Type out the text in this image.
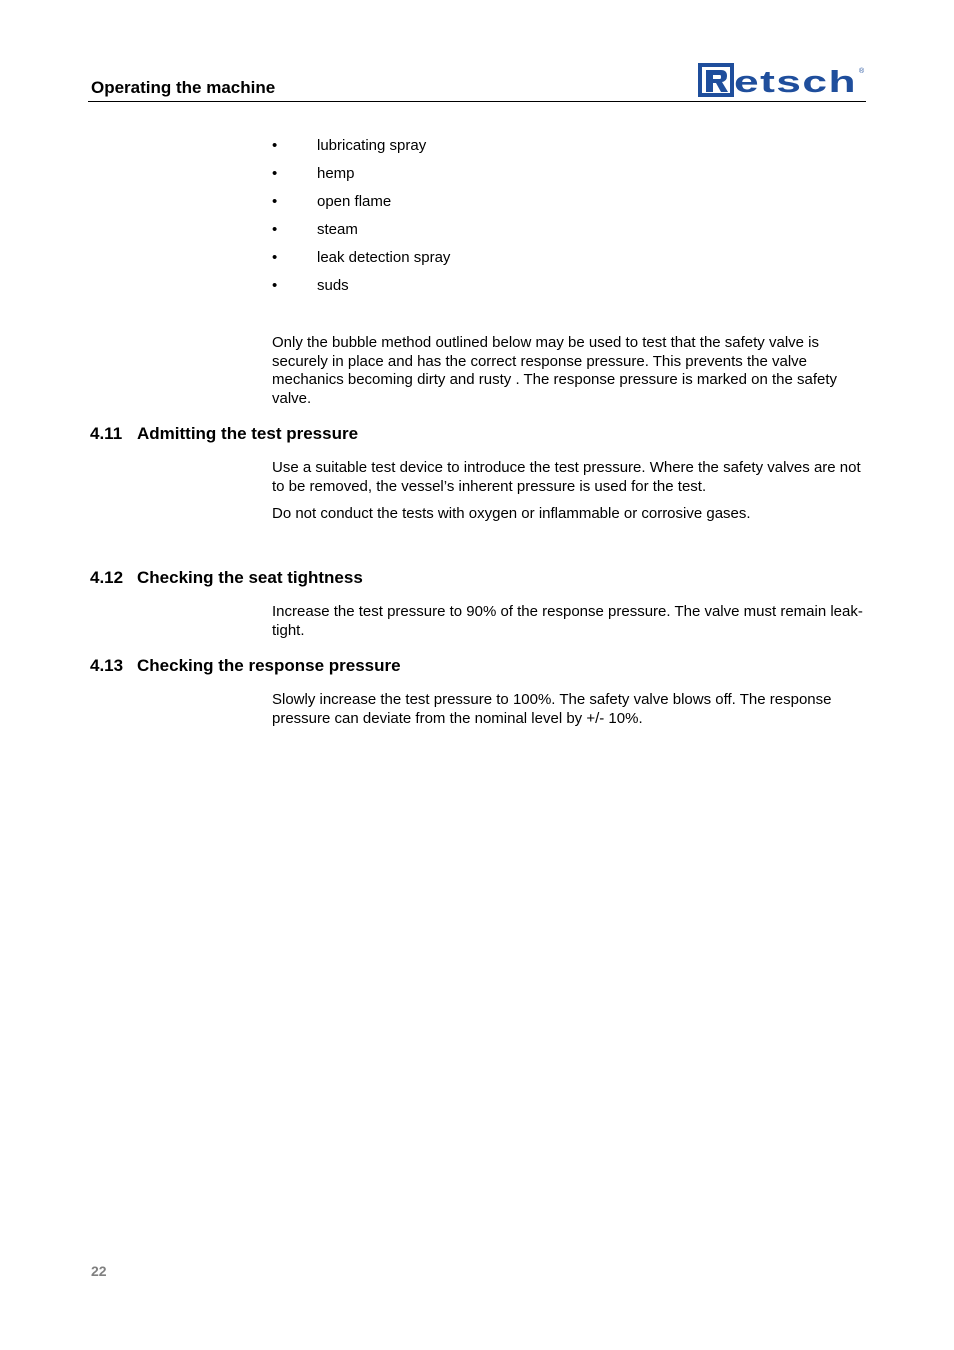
Operating the machine	etsch ®
•	lubricating spray
•	hemp
•	open flame
•	steam
•	leak detection spray
•	suds

Only the bubble method outlined below may be used to test that the safety valve is securely in place and has the correct response pressure. This prevents the valve mechanics becoming dirty and rusty . The response pressure is marked on the safety valve.

4.11 Admitting the test pressure

Use a suitable test device to introduce the test pressure. Where the safety valves are not to be removed, the vessel’s inherent pressure is used for the test.

Do not conduct the tests with oxygen or inflammable or corrosive gases.

4.12 Checking the seat tightness

Increase the test pressure to 90% of the response pressure. The valve must remain leak-tight.

4.13 Checking the response pressure

Slowly increase the test pressure to 100%. The safety valve blows off. The response pressure can deviate from the nominal level by +/- 10%.

22
